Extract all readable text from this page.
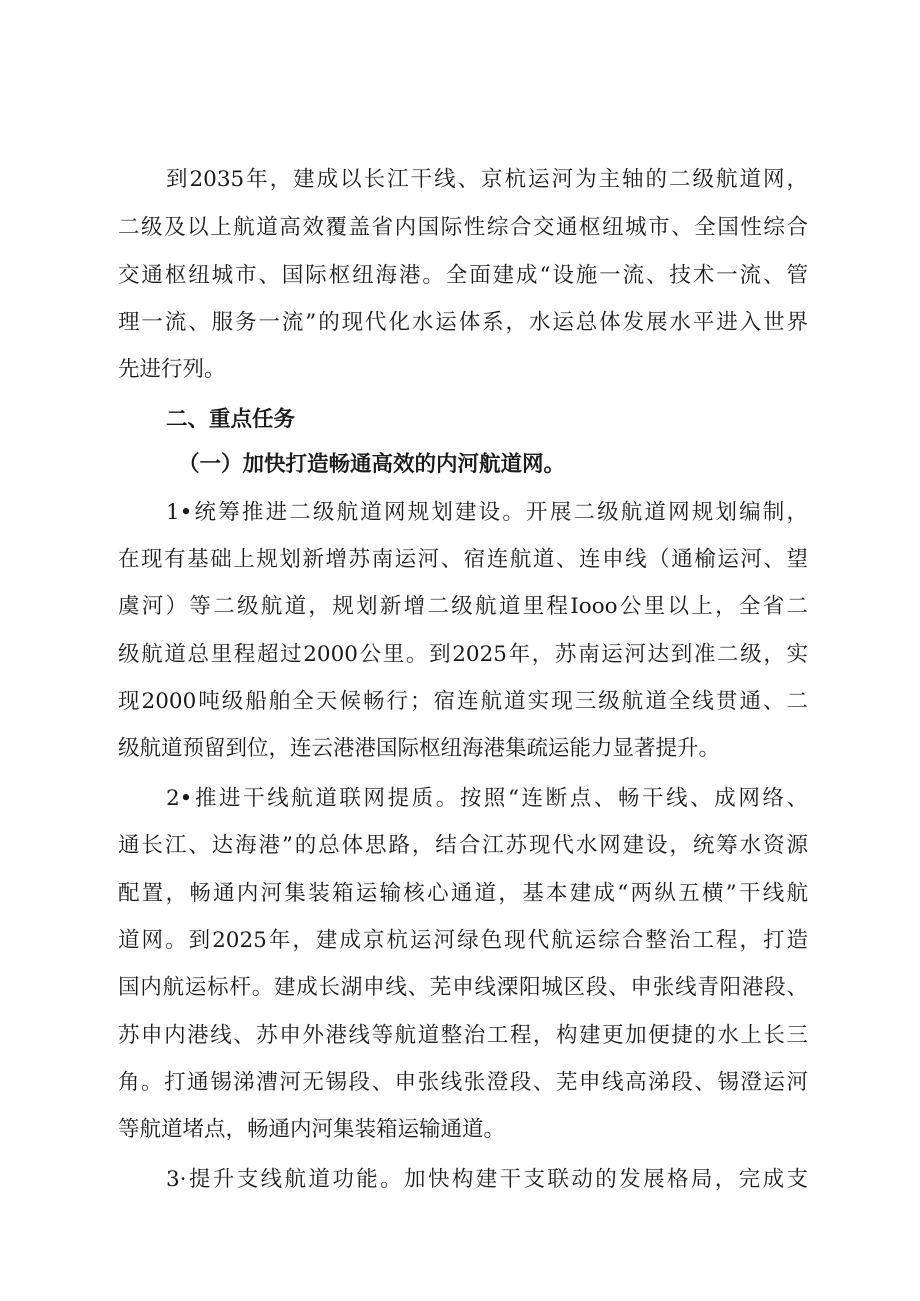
到2035年，建成以长江干线、京杭运河为主轴的二级航道网，
二级及以上航道高效覆盖省内国际性综合交通枢纽城市、全国性综合
交通枢纽城市、国际枢纽海港。全面建成“设施一流、技术一流、管
理一流、服务一流”的现代化水运体系，水运总体发展水平进入世界
先进行列。
二、重点任务
（一）加快打造畅通高效的内河航道网。
1•统筹推进二级航道网规划建设。开展二级航道网规划编制，
在现有基础上规划新增苏南运河、宿连航道、连申线（通榆运河、望
虞河）等二级航道，规划新增二级航道里程Iooo公里以上，全省二
级航道总里程超过2000公里。到2025年，苏南运河达到准二级，实
现2000吨级船舶全天候畅行；宿连航道实现三级航道全线贯通、二
级航道预留到位，连云港港国际枢纽海港集疏运能力显著提升。
2•推进干线航道联网提质。按照“连断点、畅干线、成网络、
通长江、达海港”的总体思路，结合江苏现代水网建设，统筹水资源
配置，畅通内河集装箱运输核心通道，基本建成“两纵五横”干线航
道网。到2025年，建成京杭运河绿色现代航运综合整治工程，打造
国内航运标杆。建成长湖申线、芜申线溧阳城区段、申张线青阳港段、
苏申内港线、苏申外港线等航道整治工程，构建更加便捷的水上长三
角。打通锡涕漕河无锡段、申张线张澄段、芜申线高涕段、锡澄运河
等航道堵点，畅通内河集装箱运输通道。
3·提升支线航道功能。加快构建干支联动的发展格局，完成支
